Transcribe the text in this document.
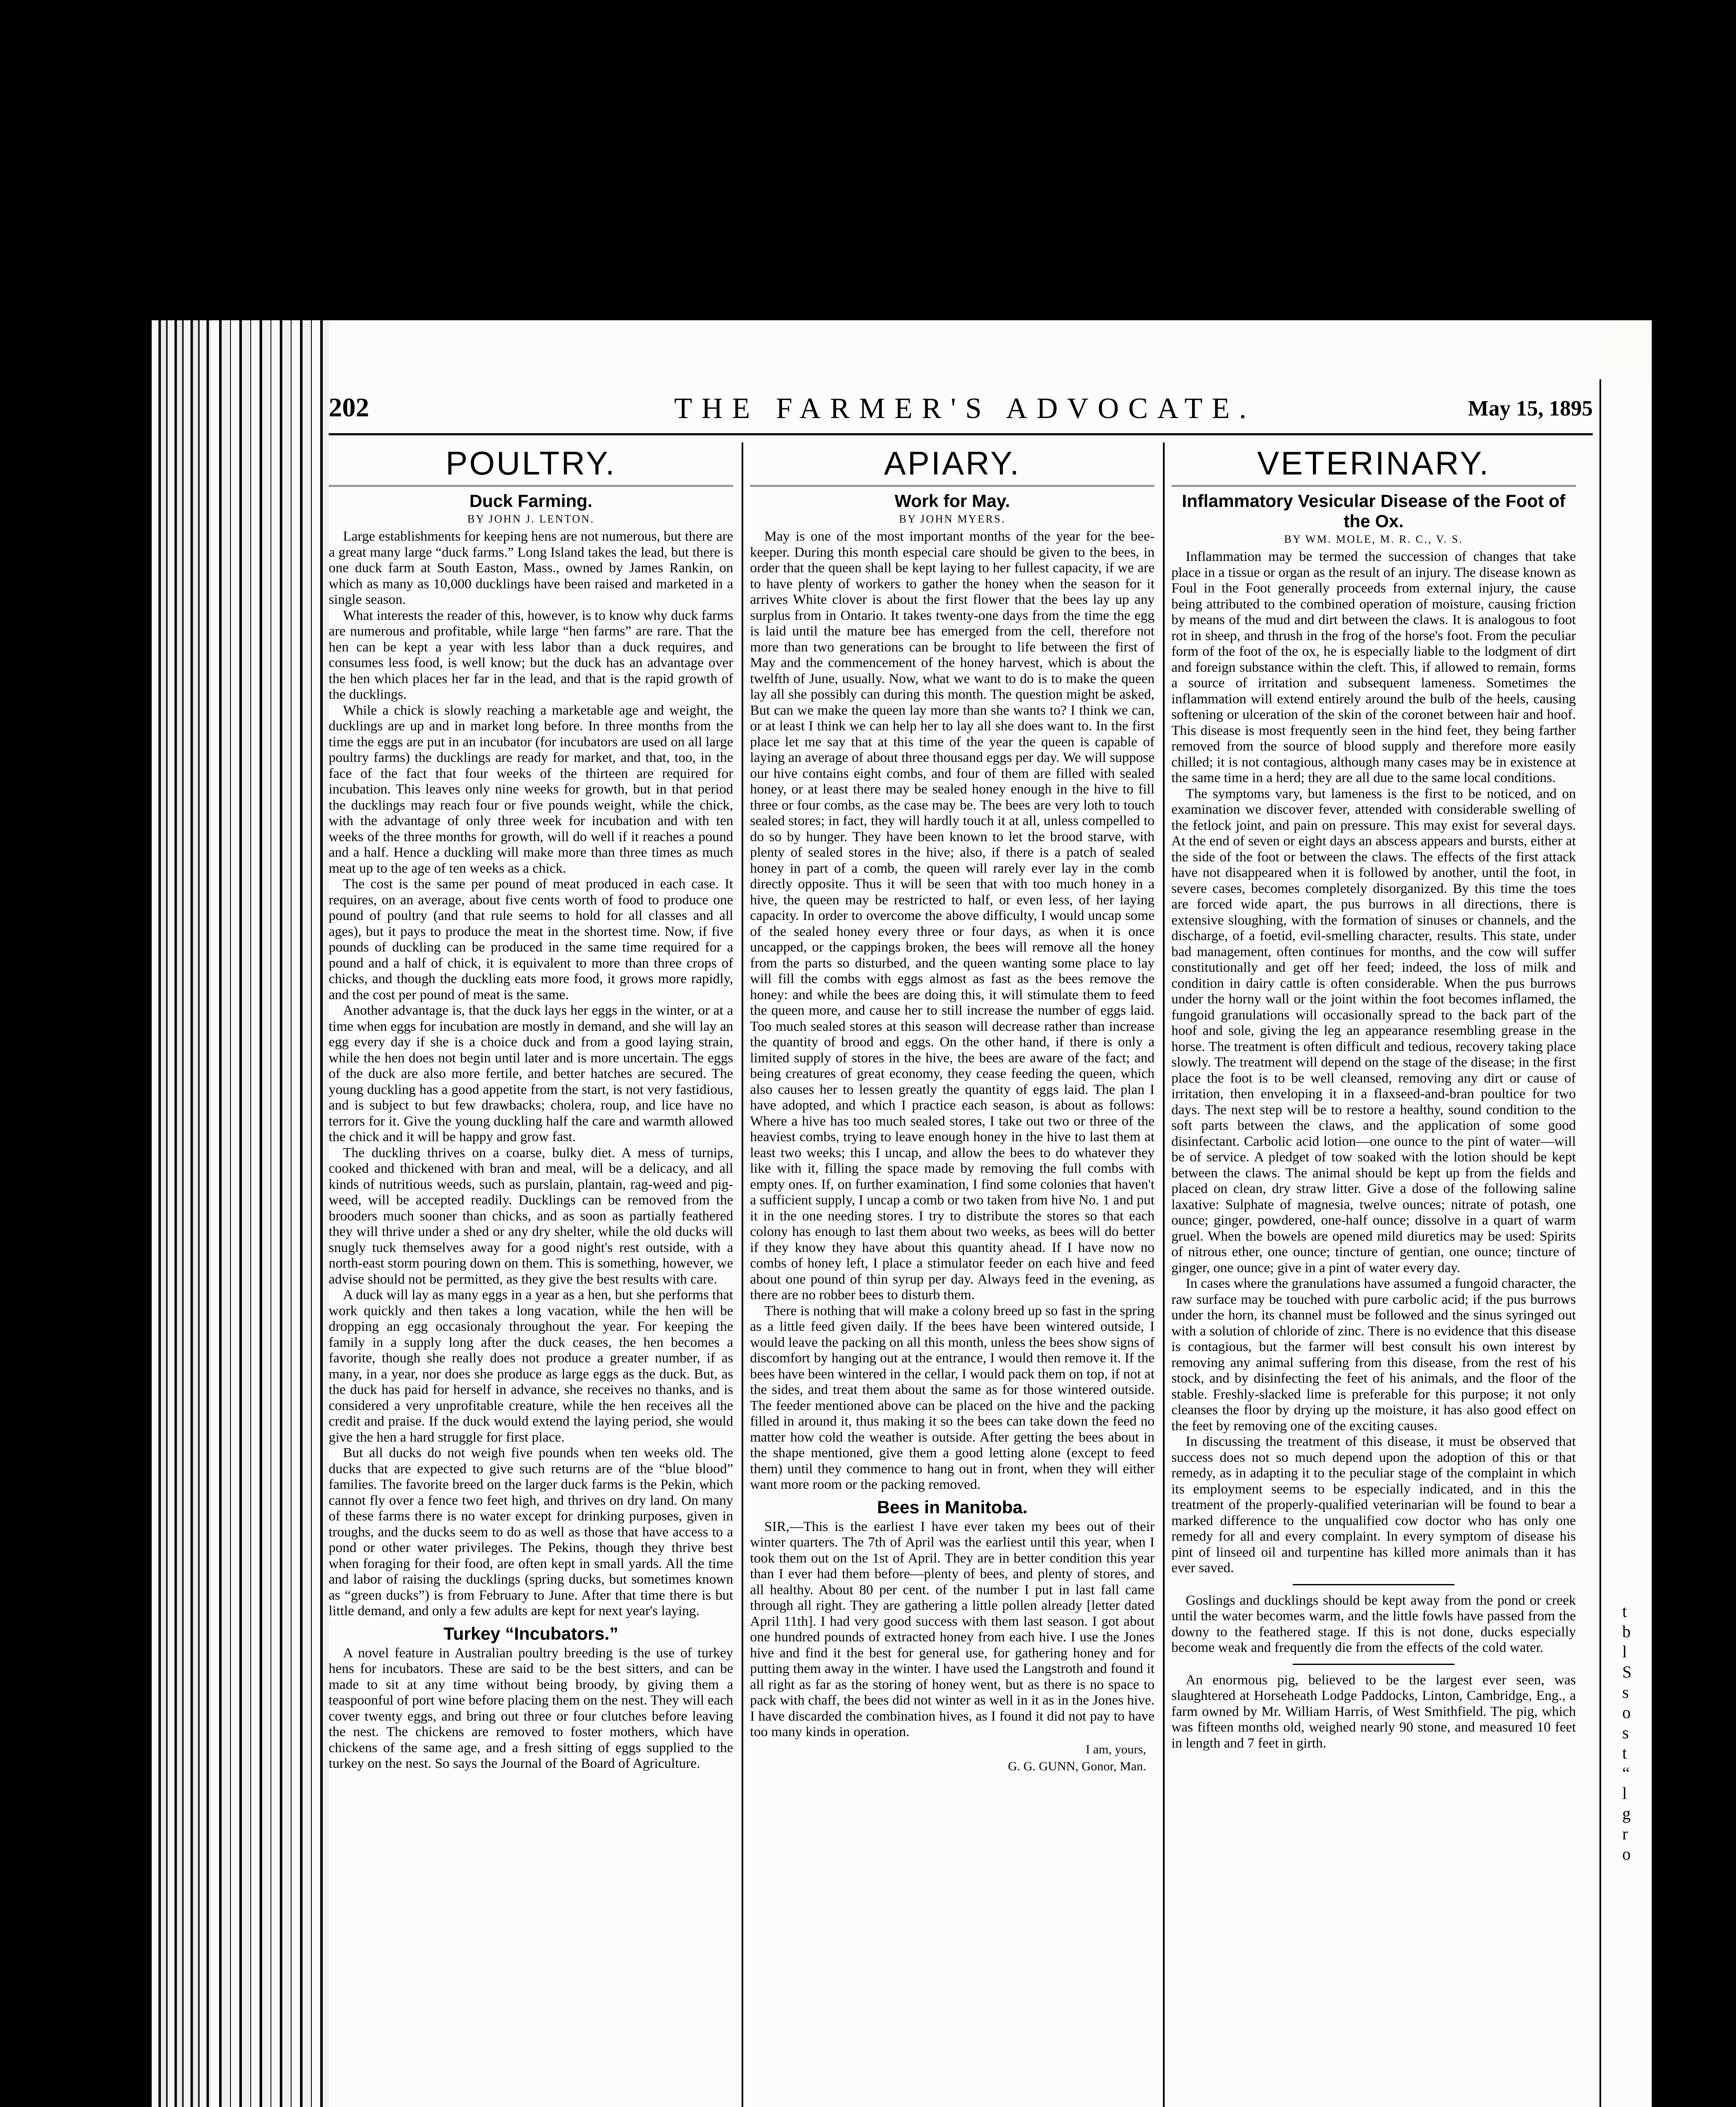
202	THE FARMER'S ADVOCATE.	May 15, 1895
POULTRY.
Duck Farming.
BY JOHN J. LENTON.

Large establishments for keeping hens are not numerous, but there are a great many large “duck farms.” Long Island takes the lead, but there is one duck farm at South Easton, Mass., owned by James Rankin, on which as many as 10,000 ducklings have been raised and marketed in a single season.

What interests the reader of this, however, is to know why duck farms are numerous and profitable, while large “hen farms” are rare. That the hen can be kept a year with less labor than a duck requires, and consumes less food, is well know; but the duck has an advantage over the hen which places her far in the lead, and that is the rapid growth of the ducklings.

While a chick is slowly reaching a marketable age and weight, the ducklings are up and in market long before. In three months from the time the eggs are put in an incubator (for incubators are used on all large poultry farms) the ducklings are ready for market, and that, too, in the face of the fact that four weeks of the thirteen are required for incubation. This leaves only nine weeks for growth, but in that period the ducklings may reach four or five pounds weight, while the chick, with the advantage of only three week for incubation and with ten weeks of the three months for growth, will do well if it reaches a pound and a half. Hence a duckling will make more than three times as much meat up to the age of ten weeks as a chick.

The cost is the same per pound of meat produced in each case. It requires, on an average, about five cents worth of food to produce one pound of poultry (and that rule seems to hold for all classes and all ages), but it pays to produce the meat in the shortest time. Now, if five pounds of duckling can be produced in the same time required for a pound and a half of chick, it is equivalent to more than three crops of chicks, and though the duckling eats more food, it grows more rapidly, and the cost per pound of meat is the same.

Another advantage is, that the duck lays her eggs in the winter, or at a time when eggs for incubation are mostly in demand, and she will lay an egg every day if she is a choice duck and from a good laying strain, while the hen does not begin until later and is more uncertain. The eggs of the duck are also more fertile, and better hatches are secured. The young duckling has a good appetite from the start, is not very fastidious, and is subject to but few drawbacks; cholera, roup, and lice have no terrors for it. Give the young duckling half the care and warmth allowed the chick and it will be happy and grow fast.

The duckling thrives on a coarse, bulky diet. A mess of turnips, cooked and thickened with bran and meal, will be a delicacy, and all kinds of nutritious weeds, such as purslain, plantain, rag-weed and pig-weed, will be accepted readily. Ducklings can be removed from the brooders much sooner than chicks, and as soon as partially feathered they will thrive under a shed or any dry shelter, while the old ducks will snugly tuck themselves away for a good night's rest outside, with a north-east storm pouring down on them. This is something, however, we advise should not be permitted, as they give the best results with care.

A duck will lay as many eggs in a year as a hen, but she performs that work quickly and then takes a long vacation, while the hen will be dropping an egg occasionaly throughout the year. For keeping the family in a supply long after the duck ceases, the hen becomes a favorite, though she really does not produce a greater number, if as many, in a year, nor does she produce as large eggs as the duck. But, as the duck has paid for herself in advance, she receives no thanks, and is considered a very unprofitable creature, while the hen receives all the credit and praise. If the duck would extend the laying period, she would give the hen a hard struggle for first place.

But all ducks do not weigh five pounds when ten weeks old. The ducks that are expected to give such returns are of the “blue blood” families. The favorite breed on the larger duck farms is the Pekin, which cannot fly over a fence two feet high, and thrives on dry land. On many of these farms there is no water except for drinking purposes, given in troughs, and the ducks seem to do as well as those that have access to a pond or other water privileges. The Pekins, though they thrive best when foraging for their food, are often kept in small yards. All the time and labor of raising the ducklings (spring ducks, but sometimes known as “green ducks”) is from February to June. After that time there is but little demand, and only a few adults are kept for next year's laying.

Turkey “Incubators.”

A novel feature in Australian poultry breeding is the use of turkey hens for incubators. These are said to be the best sitters, and can be made to sit at any time without being broody, by giving them a teaspoonful of port wine before placing them on the nest. They will each cover twenty eggs, and bring out three or four clutches before leaving the nest. The chickens are removed to foster mothers, which have chickens of the same age, and a fresh sitting of eggs supplied to the turkey on the nest. So says the Journal of the Board of Agriculture.

APIARY.
Work for May.
BY JOHN MYERS.

May is one of the most important months of the year for the bee-keeper. During this month especial care should be given to the bees, in order that the queen shall be kept laying to her fullest capacity, if we are to have plenty of workers to gather the honey when the season for it arrives White clover is about the first flower that the bees lay up any surplus from in Ontario. It takes twenty-one days from the time the egg is laid until the mature bee has emerged from the cell, therefore not more than two generations can be brought to life between the first of May and the commencement of the honey harvest, which is about the twelfth of June, usually. Now, what we want to do is to make the queen lay all she possibly can during this month. The question might be asked, But can we make the queen lay more than she wants to? I think we can, or at least I think we can help her to lay all she does want to. In the first place let me say that at this time of the year the queen is capable of laying an average of about three thousand eggs per day. We will suppose our hive contains eight combs, and four of them are filled with sealed honey, or at least there may be sealed honey enough in the hive to fill three or four combs, as the case may be. The bees are very loth to touch sealed stores; in fact, they will hardly touch it at all, unless compelled to do so by hunger. They have been known to let the brood starve, with plenty of sealed stores in the hive; also, if there is a patch of sealed honey in part of a comb, the queen will rarely ever lay in the comb directly opposite. Thus it will be seen that with too much honey in a hive, the queen may be restricted to half, or even less, of her laying capacity. In order to overcome the above difficulty, I would uncap some of the sealed honey every three or four days, as when it is once uncapped, or the cappings broken, the bees will remove all the honey from the parts so disturbed, and the queen wanting some place to lay will fill the combs with eggs almost as fast as the bees remove the honey: and while the bees are doing this, it will stimulate them to feed the queen more, and cause her to still increase the number of eggs laid. Too much sealed stores at this season will decrease rather than increase the quantity of brood and eggs. On the other hand, if there is only a limited supply of stores in the hive, the bees are aware of the fact; and being creatures of great economy, they cease feeding the queen, which also causes her to lessen greatly the quantity of eggs laid. The plan I have adopted, and which I practice each season, is about as follows: Where a hive has too much sealed stores, I take out two or three of the heaviest combs, trying to leave enough honey in the hive to last them at least two weeks; this I uncap, and allow the bees to do whatever they like with it, filling the space made by removing the full combs with empty ones. If, on further examination, I find some colonies that haven't a sufficient supply, I uncap a comb or two taken from hive No. 1 and put it in the one needing stores. I try to distribute the stores so that each colony has enough to last them about two weeks, as bees will do better if they know they have about this quantity ahead. If I have now no combs of honey left, I place a stimulator feeder on each hive and feed about one pound of thin syrup per day. Always feed in the evening, as there are no robber bees to disturb them.

There is nothing that will make a colony breed up so fast in the spring as a little feed given daily. If the bees have been wintered outside, I would leave the packing on all this month, unless the bees show signs of discomfort by hanging out at the entrance, I would then remove it. If the bees have been wintered in the cellar, I would pack them on top, if not at the sides, and treat them about the same as for those wintered outside. The feeder mentioned above can be placed on the hive and the packing filled in around it, thus making it so the bees can take down the feed no matter how cold the weather is outside. After getting the bees about in the shape mentioned, give them a good letting alone (except to feed them) until they commence to hang out in front, when they will either want more room or the packing removed.

Bees in Manitoba.

SIR,—This is the earliest I have ever taken my bees out of their winter quarters. The 7th of April was the earliest until this year, when I took them out on the 1st of April. They are in better condition this year than I ever had them before—plenty of bees, and plenty of stores, and all healthy. About 80 per cent. of the number I put in last fall came through all right. They are gathering a little pollen already [letter dated April 11th]. I had very good success with them last season. I got about one hundred pounds of extracted honey from each hive. I use the Jones hive and find it the best for general use, for gathering honey and for putting them away in the winter. I have used the Langstroth and found it all right as far as the storing of honey went, but as there is no space to pack with chaff, the bees did not winter as well in it as in the Jones hive. I have discarded the combination hives, as I found it did not pay to have too many kinds in operation.

I am, yours,
G. G. GUNN, Gonor, Man.
VETERINARY.
Inflammatory Vesicular Disease of the Foot of the Ox.
BY WM. MOLE, M. R. C., V. S.

Inflammation may be termed the succession of changes that take place in a tissue or organ as the result of an injury. The disease known as Foul in the Foot generally proceeds from external injury, the cause being attributed to the combined operation of moisture, causing friction by means of the mud and dirt between the claws. It is analogous to foot rot in sheep, and thrush in the frog of the horse's foot. From the peculiar form of the foot of the ox, he is especially liable to the lodgment of dirt and foreign substance within the cleft. This, if allowed to remain, forms a source of irritation and subsequent lameness. Sometimes the inflammation will extend entirely around the bulb of the heels, causing softening or ulceration of the skin of the coronet between hair and hoof. This disease is most frequently seen in the hind feet, they being farther removed from the source of blood supply and therefore more easily chilled; it is not contagious, although many cases may be in existence at the same time in a herd; they are all due to the same local conditions.

The symptoms vary, but lameness is the first to be noticed, and on examination we discover fever, attended with considerable swelling of the fetlock joint, and pain on pressure. This may exist for several days. At the end of seven or eight days an abscess appears and bursts, either at the side of the foot or between the claws. The effects of the first attack have not disappeared when it is followed by another, until the foot, in severe cases, becomes completely disorganized. By this time the toes are forced wide apart, the pus burrows in all directions, there is extensive sloughing, with the formation of sinuses or channels, and the discharge, of a foetid, evil-smelling character, results. This state, under bad management, often continues for months, and the cow will suffer constitutionally and get off her feed; indeed, the loss of milk and condition in dairy cattle is often considerable. When the pus burrows under the horny wall or the joint within the foot becomes inflamed, the fungoid granulations will occasionally spread to the back part of the hoof and sole, giving the leg an appearance resembling grease in the horse. The treatment is often difficult and tedious, recovery taking place slowly. The treatment will depend on the stage of the disease; in the first place the foot is to be well cleansed, removing any dirt or cause of irritation, then enveloping it in a flaxseed-and-bran poultice for two days. The next step will be to restore a healthy, sound condition to the soft parts between the claws, and the application of some good disinfectant. Carbolic acid lotion—one ounce to the pint of water—will be of service. A pledget of tow soaked with the lotion should be kept between the claws. The animal should be kept up from the fields and placed on clean, dry straw litter. Give a dose of the following saline laxative: Sulphate of magnesia, twelve ounces; nitrate of potash, one ounce; ginger, powdered, one-half ounce; dissolve in a quart of warm gruel. When the bowels are opened mild diuretics may be used: Spirits of nitrous ether, one ounce; tincture of gentian, one ounce; tincture of ginger, one ounce; give in a pint of water every day.

In cases where the granulations have assumed a fungoid character, the raw surface may be touched with pure carbolic acid; if the pus burrows under the horn, its channel must be followed and the sinus syringed out with a solution of chloride of zinc. There is no evidence that this disease is contagious, but the farmer will best consult his own interest by removing any animal suffering from this disease, from the rest of his stock, and by disinfecting the feet of his animals, and the floor of the stable. Freshly-slacked lime is preferable for this purpose; it not only cleanses the floor by drying up the moisture, it has also good effect on the feet by removing one of the exciting causes.

In discussing the treatment of this disease, it must be observed that success does not so much depend upon the adoption of this or that remedy, as in adapting it to the peculiar stage of the complaint in which its employment seems to be especially indicated, and in this the treatment of the properly-qualified veterinarian will be found to bear a marked difference to the unqualified cow doctor who has only one remedy for all and every complaint. In every symptom of disease his pint of linseed oil and turpentine has killed more animals than it has ever saved.

Goslings and ducklings should be kept away from the pond or creek until the water becomes warm, and the little fowls have passed from the downy to the feathered stage. If this is not done, ducks especially become weak and frequently die from the effects of the cold water.

An enormous pig, believed to be the largest ever seen, was slaughtered at Horseheath Lodge Paddocks, Linton, Cambridge, Eng., a farm owned by Mr. William Harris, of West Smithfield. The pig, which was fifteen months old, weighed nearly 90 stone, and measured 10 feet in length and 7 feet in girth.

t
b
l
S
s
o
s
t
“
l
g
r
o
